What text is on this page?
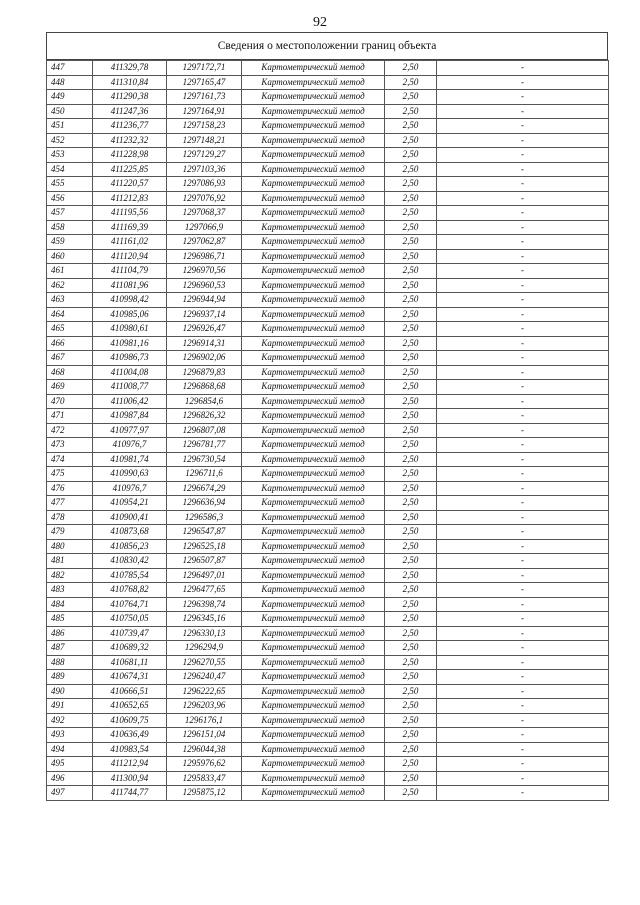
92
Сведения о местоположении границ объекта
447	411329,78	1297172,71	Картометрический метод	2,50	-
448	411310,84	1297165,47	Картометрический метод	2,50	-
449	411290,38	1297161,73	Картометрический метод	2,50	-
450	411247,36	1297164,91	Картометрический метод	2,50	-
451	411236,77	1297158,23	Картометрический метод	2,50	-
452	411232,32	1297148,21	Картометрический метод	2,50	-
453	411228,98	1297129,27	Картометрический метод	2,50	-
454	411225,85	1297103,36	Картометрический метод	2,50	-
455	411220,57	1297086,93	Картометрический метод	2,50	-
456	411212,83	1297076,92	Картометрический метод	2,50	-
457	411195,56	1297068,37	Картометрический метод	2,50	-
458	411169,39	1297066,9	Картометрический метод	2,50	-
459	411161,02	1297062,87	Картометрический метод	2,50	-
460	411120,94	1296986,71	Картометрический метод	2,50	-
461	411104,79	1296970,56	Картометрический метод	2,50	-
462	411081,96	1296960,53	Картометрический метод	2,50	-
463	410998,42	1296944,94	Картометрический метод	2,50	-
464	410985,06	1296937,14	Картометрический метод	2,50	-
465	410980,61	1296926,47	Картометрический метод	2,50	-
466	410981,16	1296914,31	Картометрический метод	2,50	-
467	410986,73	1296902,06	Картометрический метод	2,50	-
468	411004,08	1296879,83	Картометрический метод	2,50	-
469	411008,77	1296868,68	Картометрический метод	2,50	-
470	411006,42	1296854,6	Картометрический метод	2,50	-
471	410987,84	1296826,32	Картометрический метод	2,50	-
472	410977,97	1296807,08	Картометрический метод	2,50	-
473	410976,7	1296781,77	Картометрический метод	2,50	-
474	410981,74	1296730,54	Картометрический метод	2,50	-
475	410990,63	1296711,6	Картометрический метод	2,50	-
476	410976,7	1296674,29	Картометрический метод	2,50	-
477	410954,21	1296636,94	Картометрический метод	2,50	-
478	410900,41	1296586,3	Картометрический метод	2,50	-
479	410873,68	1296547,87	Картометрический метод	2,50	-
480	410856,23	1296525,18	Картометрический метод	2,50	-
481	410830,42	1296507,87	Картометрический метод	2,50	-
482	410785,54	1296497,01	Картометрический метод	2,50	-
483	410768,82	1296477,65	Картометрический метод	2,50	-
484	410764,71	1296398,74	Картометрический метод	2,50	-
485	410750,05	1296345,16	Картометрический метод	2,50	-
486	410739,47	1296330,13	Картометрический метод	2,50	-
487	410689,32	1296294,9	Картометрический метод	2,50	-
488	410681,11	1296270,55	Картометрический метод	2,50	-
489	410674,31	1296240,47	Картометрический метод	2,50	-
490	410666,51	1296222,65	Картометрический метод	2,50	-
491	410652,65	1296203,96	Картометрический метод	2,50	-
492	410609,75	1296176,1	Картометрический метод	2,50	-
493	410636,49	1296151,04	Картометрический метод	2,50	-
494	410983,54	1296044,38	Картометрический метод	2,50	-
495	411212,94	1295976,62	Картометрический метод	2,50	-
496	411300,94	1295833,47	Картометрический метод	2,50	-
497	411744,77	1295875,12	Картометрический метод	2,50	-
